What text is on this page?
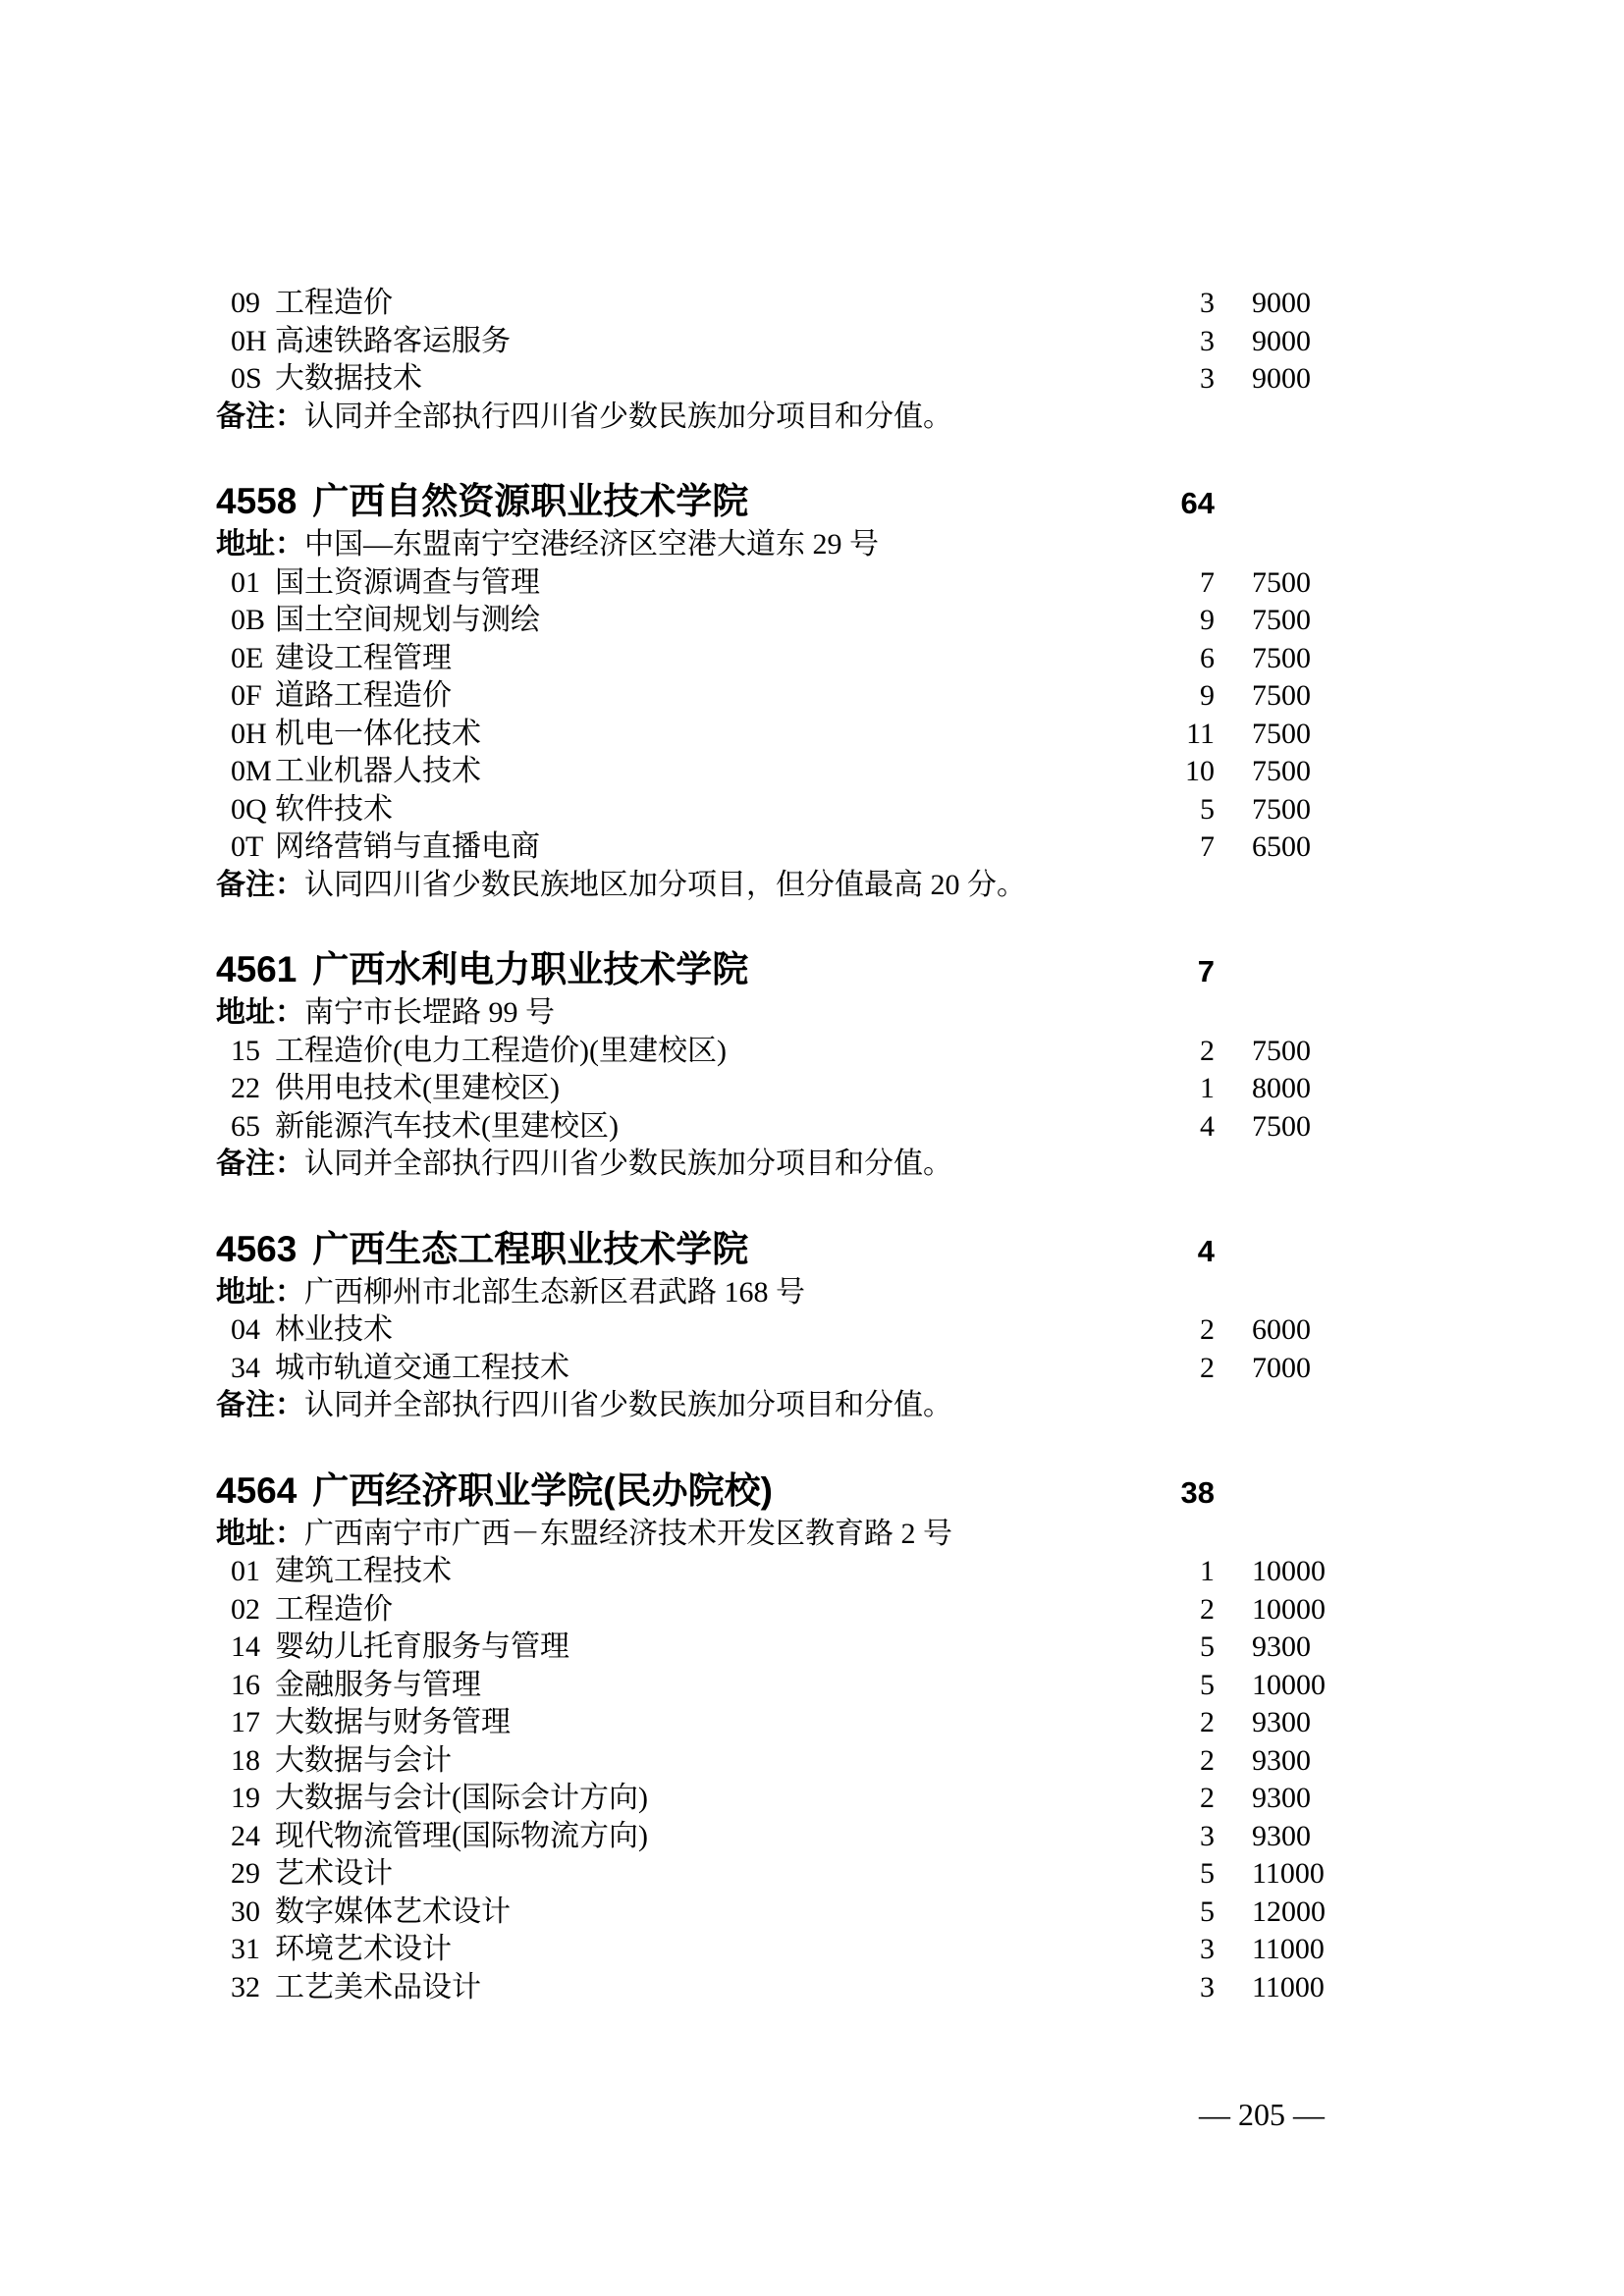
09 工程造价	3	9000
0H 高速铁路客运服务	3	9000
0S 大数据技术	3	9000
备注： 认同并全部执行四川省少数民族加分项目和分值。
4558 广西自然资源职业技术学院	64
地址： 中国—东盟南宁空港经济区空港大道东 29 号
01 国土资源调查与管理	7	7500
0B 国土空间规划与测绘	9	7500
0E 建设工程管理	6	7500
0F 道路工程造价	9	7500
0H 机电一体化技术	11	7500
0M 工业机器人技术	10	7500
0Q 软件技术	5	7500
0T 网络营销与直播电商	7	6500
备注： 认同四川省少数民族地区加分项目，但分值最高 20 分。
4561 广西水利电力职业技术学院	7
地址： 南宁市长堽路 99 号
15 工程造价(电力工程造价)(里建校区)	2	7500
22 供用电技术(里建校区)	1	8000
65 新能源汽车技术(里建校区)	4	7500
备注： 认同并全部执行四川省少数民族加分项目和分值。
4563 广西生态工程职业技术学院	4
地址： 广西柳州市北部生态新区君武路 168 号
04 林业技术	2	6000
34 城市轨道交通工程技术	2	7000
备注： 认同并全部执行四川省少数民族加分项目和分值。
4564 广西经济职业学院(民办院校)	38
地址： 广西南宁市广西－东盟经济技术开发区教育路 2 号
01 建筑工程技术	1	10000
02 工程造价	2	10000
14 婴幼儿托育服务与管理	5	9300
16 金融服务与管理	5	10000
17 大数据与财务管理	2	9300
18 大数据与会计	2	9300
19 大数据与会计(国际会计方向)	2	9300
24 现代物流管理(国际物流方向)	3	9300
29 艺术设计	5	11000
30 数字媒体艺术设计	5	12000
31 环境艺术设计	3	11000
32 工艺美术品设计	3	11000
— 205 —
